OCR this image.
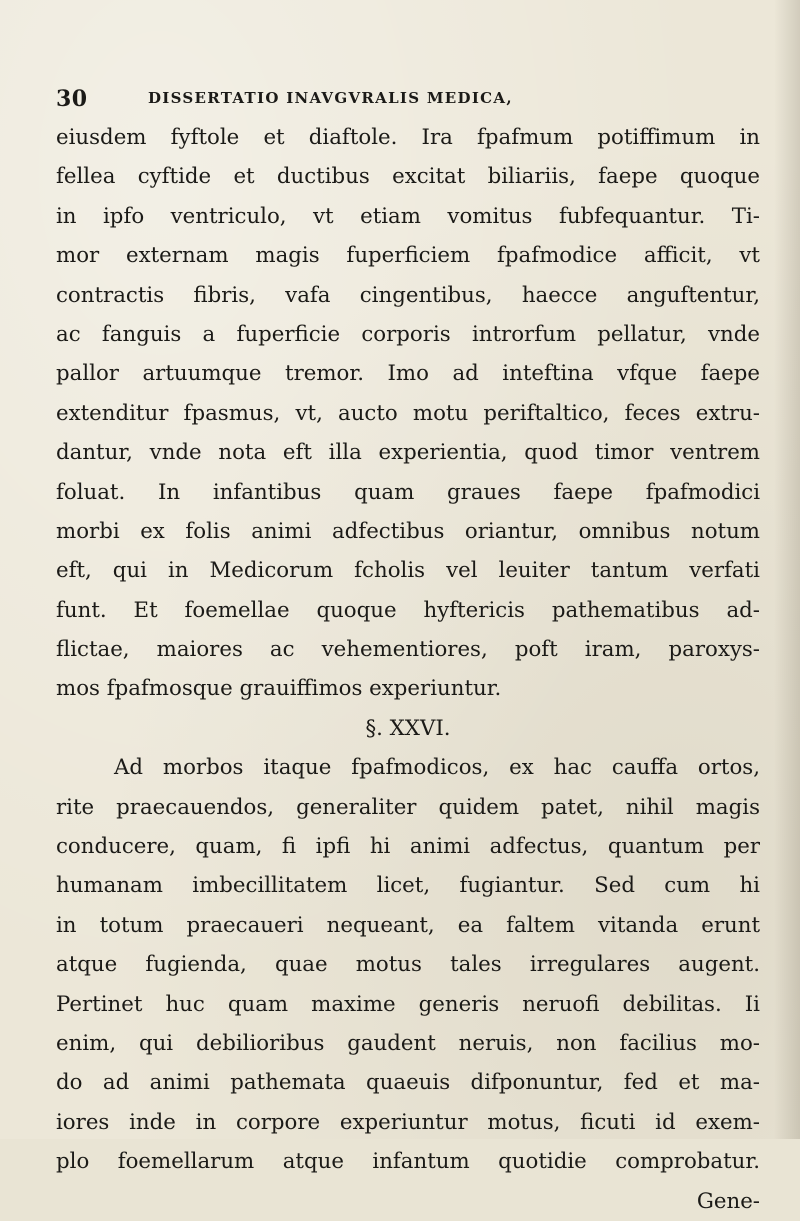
30	DISSERTATIO INAVGVRALIS MEDICA,
eiusdem fyftole et diaftole. Ira fpafmum potiffimum in
fellea cyftide et ductibus excitat biliariis, faepe quoque
in ipfo ventriculo, vt etiam vomitus fubfequantur. Ti-
mor externam magis fuperficiem fpafmodice afficit, vt
contractis fibris, vafa cingentibus, haecce anguftentur,
ac fanguis a fuperficie corporis introrfum pellatur, vnde
pallor artuumque tremor. Imo ad inteftina vfque faepe
extenditur fpasmus, vt, aucto motu periftaltico, feces extru-
dantur, vnde nota eft illa experientia, quod timor ventrem
foluat. In infantibus quam graues faepe fpafmodici
morbi ex folis animi adfectibus oriantur, omnibus notum
eft, qui in Medicorum fcholis vel leuiter tantum verfati
funt. Et foemellae quoque hyftericis pathematibus ad-
flictae, maiores ac vehementiores, poft iram, paroxys-
mos fpafmosque grauiffimos experiuntur.
§. XXVI.
Ad morbos itaque fpafmodicos, ex hac cauffa ortos,
rite praecauendos, generaliter quidem patet, nihil magis
conducere, quam, fi ipfi hi animi adfectus, quantum per
humanam imbecillitatem licet, fugiantur. Sed cum hi
in totum praecaueri nequeant, ea faltem vitanda erunt
atque fugienda, quae motus tales irregulares augent.
Pertinet huc quam maxime generis neruofi debilitas. Ii
enim, qui debilioribus gaudent neruis, non facilius mo-
do ad animi pathemata quaeuis difponuntur, fed et ma-
iores inde in corpore experiuntur motus, ficuti id exem-
plo foemellarum atque infantum quotidie comprobatur.
Gene-
